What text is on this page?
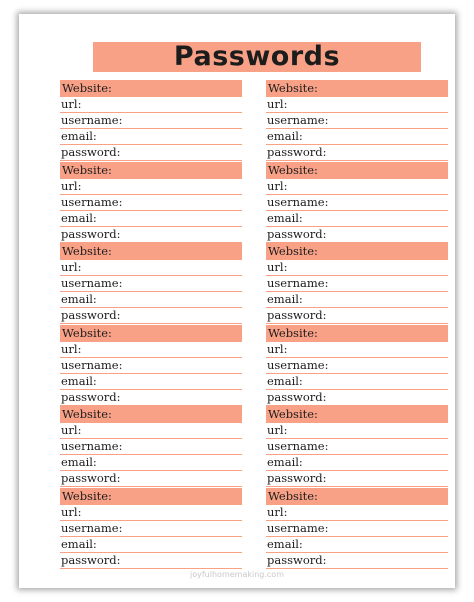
Passwords
Website:
url:
username:
email:
password:
Website:
url:
username:
email:
password:
Website:
url:
username:
email:
password:
Website:
url:
username:
email:
password:
Website:
url:
username:
email:
password:
Website:
url:
username:
email:
password:
Website:
url:
username:
email:
password:
Website:
url:
username:
email:
password:
Website:
url:
username:
email:
password:
Website:
url:
username:
email:
password:
Website:
url:
username:
email:
password:
Website:
url:
username:
email:
password:
joyfulhomemaking.com
